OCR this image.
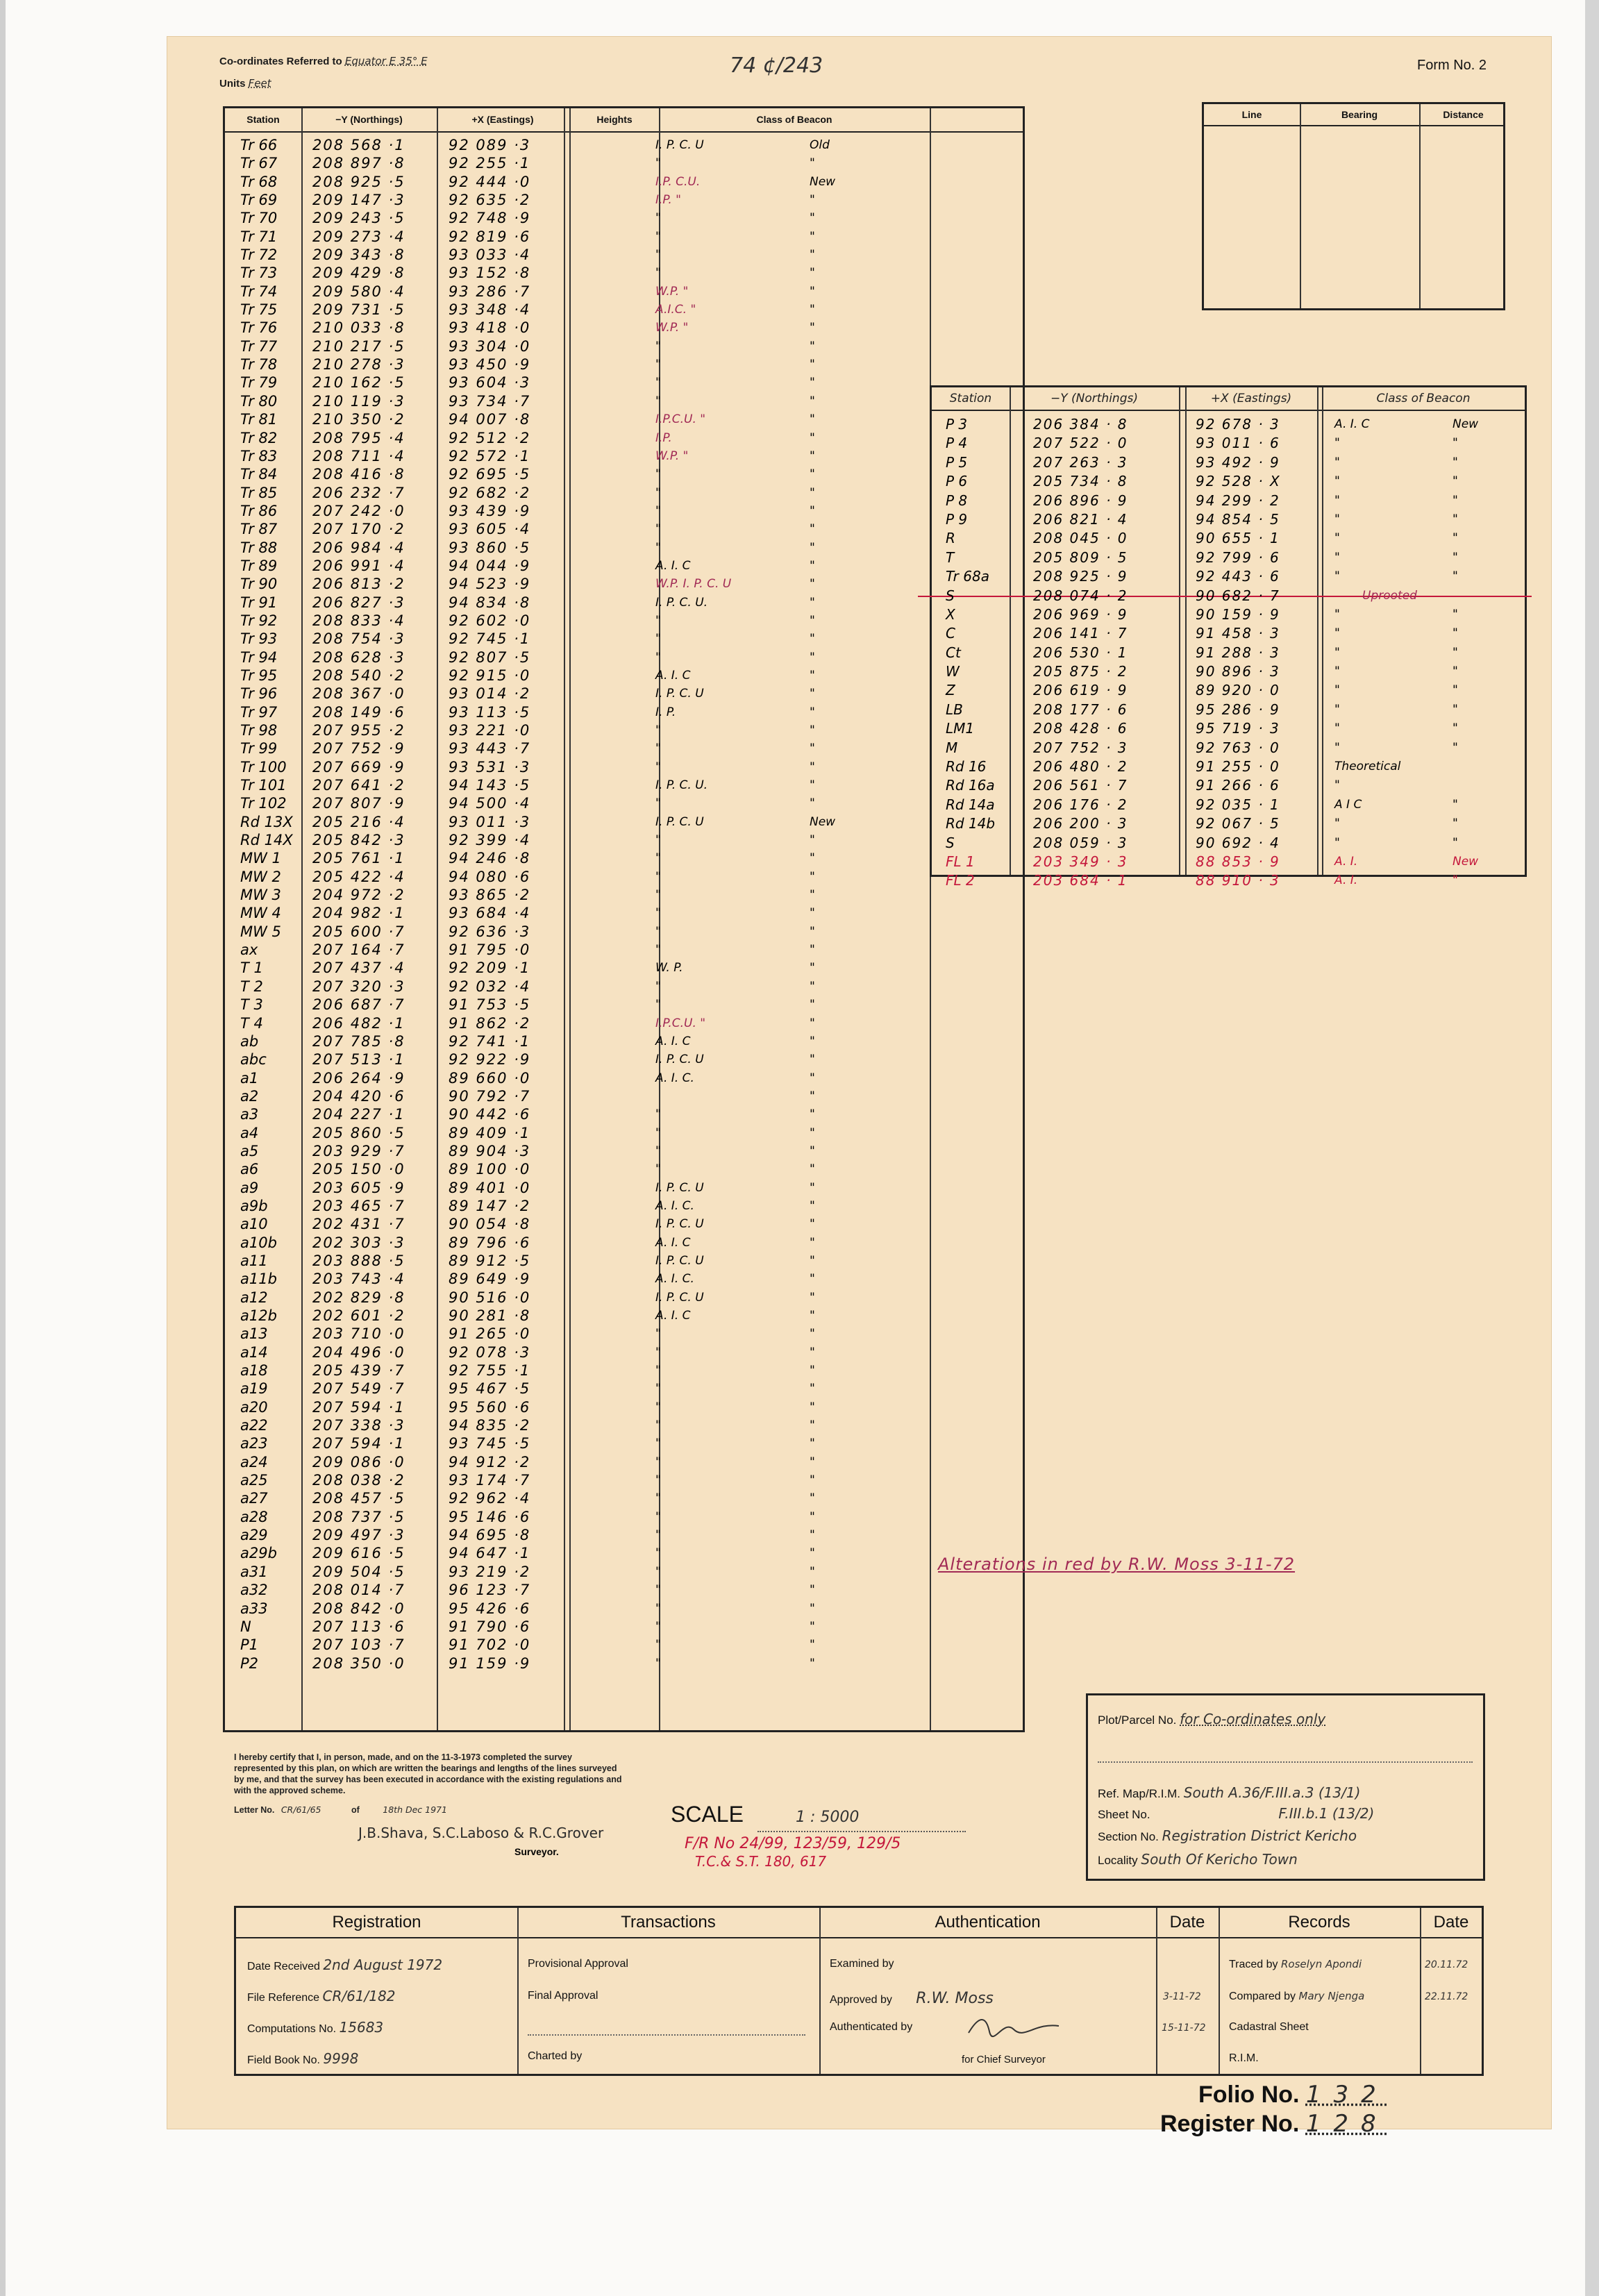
Co-ordinates Referred to Equator E 35° E
Units Feet
74 ¢/243	Form No. 2
Station	−Y (Northings)	+X (Eastings)	Heights	Class of Beacon
Tr 66	208 568 ·1	92 089 ·3	I. P. C. U	Old
Tr 67	208 897 ·8	92 255 ·1	"	"
Tr 68	208 925 ·5	92 444 ·0	I.P. C.U.	New
Tr 69	209 147 ·3	92 635 ·2	I.P. "	"
Tr 70	209 243 ·5	92 748 ·9	"	"
Tr 71	209 273 ·4	92 819 ·6	"	"
Tr 72	209 343 ·8	93 033 ·4	"	"
Tr 73	209 429 ·8	93 152 ·8	"	"
Tr 74	209 580 ·4	93 286 ·7	W.P. "	"
Tr 75	209 731 ·5	93 348 ·4	A.I.C. "	"
Tr 76	210 033 ·8	93 418 ·0	W.P. "	"
Tr 77	210 217 ·5	93 304 ·0	"	"
Tr 78	210 278 ·3	93 450 ·9	"	"
Tr 79	210 162 ·5	93 604 ·3	"	"
Tr 80	210 119 ·3	93 734 ·7	"	"
Tr 81	210 350 ·2	94 007 ·8	I.P.C.U. "	"
Tr 82	208 795 ·4	92 512 ·2	I.P.	"
Tr 83	208 711 ·4	92 572 ·1	W.P. "	"
Tr 84	208 416 ·8	92 695 ·5	"	"
Tr 85	206 232 ·7	92 682 ·2	"	"
Tr 86	207 242 ·0	93 439 ·9	"	"
Tr 87	207 170 ·2	93 605 ·4	"	"
Tr 88	206 984 ·4	93 860 ·5	"	"
Tr 89	206 991 ·4	94 044 ·9	A. I. C	"
Tr 90	206 813 ·2	94 523 ·9	W.P. I. P. C. U	"
Tr 91	206 827 ·3	94 834 ·8	I. P. C. U.	"
Tr 92	208 833 ·4	92 602 ·0	"	"
Tr 93	208 754 ·3	92 745 ·1	"	"
Tr 94	208 628 ·3	92 807 ·5	"	"
Tr 95	208 540 ·2	92 915 ·0	A. I. C	"
Tr 96	208 367 ·0	93 014 ·2	I. P. C. U	"
Tr 97	208 149 ·6	93 113 ·5	I. P.	"
Tr 98	207 955 ·2	93 221 ·0	"	"
Tr 99	207 752 ·9	93 443 ·7	"	"
Tr 100	207 669 ·9	93 531 ·3	"	"
Tr 101	207 641 ·2	94 143 ·5	I. P. C. U.	"
Tr 102	207 807 ·9	94 500 ·4	"	"
Rd 13X	205 216 ·4	93 011 ·3	I. P. C. U	New
Rd 14X	205 842 ·3	92 399 ·4	"	"
MW 1	205 761 ·1	94 246 ·8	"	"
MW 2	205 422 ·4	94 080 ·6	"	"
MW 3	204 972 ·2	93 865 ·2	"	"
MW 4	204 982 ·1	93 684 ·4	"	"
MW 5	205 600 ·7	92 636 ·3	"	"
ax	207 164 ·7	91 795 ·0	"	"
T 1	207 437 ·4	92 209 ·1	W. P.	"
T 2	207 320 ·3	92 032 ·4	"	"
T 3	206 687 ·7	91 753 ·5	"	"
T 4	206 482 ·1	91 862 ·2	I.P.C.U. "	"
ab	207 785 ·8	92 741 ·1	A. I. C	"
abc	207 513 ·1	92 922 ·9	I. P. C. U	"
a1	206 264 ·9	89 660 ·0	A. I. C.	"
a2	204 420 ·6	90 792 ·7	"
a3	204 227 ·1	90 442 ·6	"	"
a4	205 860 ·5	89 409 ·1	"	"
a5	203 929 ·7	89 904 ·3	"	"
a6	205 150 ·0	89 100 ·0	"	"
a9	203 605 ·9	89 401 ·0	I. P. C. U	"
a9b	203 465 ·7	89 147 ·2	A. I. C.	"
a10	202 431 ·7	90 054 ·8	I. P. C. U	"
a10b	202 303 ·3	89 796 ·6	A. I. C	"
a11	203 888 ·5	89 912 ·5	I. P. C. U	"
a11b	203 743 ·4	89 649 ·9	A. I. C.	"
a12	202 829 ·8	90 516 ·0	I. P. C. U	"
a12b	202 601 ·2	90 281 ·8	A. I. C	"
a13	203 710 ·0	91 265 ·0	"	"
a14	204 496 ·0	92 078 ·3	"	"
a18	205 439 ·7	92 755 ·1	"	"
a19	207 549 ·7	95 467 ·5	"	"
a20	207 594 ·1	95 560 ·6	"	"
a22	207 338 ·3	94 835 ·2	"	"
a23	207 594 ·1	93 745 ·5	"	"
a24	209 086 ·0	94 912 ·2	"	"
a25	208 038 ·2	93 174 ·7	"	"
a27	208 457 ·5	92 962 ·4	"	"
a28	208 737 ·5	95 146 ·6	"	"
a29	209 497 ·3	94 695 ·8	"	"
a29b	209 616 ·5	94 647 ·1	"	"
a31	209 504 ·5	93 219 ·2	"	"
a32	208 014 ·7	96 123 ·7	"	"
a33	208 842 ·0	95 426 ·6	"	"
N	207 113 ·6	91 790 ·6	"	"
P1	207 103 ·7	91 702 ·0	"	"
P2	208 350 ·0	91 159 ·9	"	"
Line	Bearing	Distance
Station	−Y (Northings)	+X (Eastings)	Class of Beacon
P 3	206 384 · 8	92 678 · 3	A. I. C	New
P 4	207 522 · 0	93 011 · 6	"	"
P 5	207 263 · 3	93 492 · 9	"	"
P 6	205 734 · 8	92 528 · X	"	"
P 8	206 896 · 9	94 299 · 2	"	"
P 9	206 821 · 4	94 854 · 5	"	"
R	208 045 · 0	90 655 · 1	"	"
T	205 809 · 5	92 799 · 6	"	"
Tr 68a	208 925 · 9	92 443 · 6	"	"
S	208 074 · 2	90 682 · 7	Uprooted
X	206 969 · 9	90 159 · 9	"	"
C	206 141 · 7	91 458 · 3	"	"
Ct	206 530 · 1	91 288 · 3	"	"
W	205 875 · 2	90 896 · 3	"	"
Z	206 619 · 9	89 920 · 0	"	"
LB	208 177 · 6	95 286 · 9	"	"
LM1	208 428 · 6	95 719 · 3	"	"
M	207 752 · 3	92 763 · 0	"	"
Rd 16	206 480 · 2	91 255 · 0	Theoretical
Rd 16a	206 561 · 7	91 266 · 6	"
Rd 14a	206 176 · 2	92 035 · 1	A I C	"
Rd 14b	206 200 · 3	92 067 · 5	"	"
S	208 059 · 3	90 692 · 4	"	"
FL 1	203 349 · 3	88 853 · 9	A. I.	New
FL 2	203 684 · 1	88 910 · 3	A. I.	"
Alterations in red by R.W. Moss 3-11-72
I hereby certify that I, in person, made, and on the 11-3-1973 completed the survey represented by this plan, on which are written the bearings and lengths of the lines surveyed by me, and that the survey has been executed in accordance with the existing regulations and with the approved scheme.
Letter No. CR/61/65	of	18th Dec 1971
J.B.Shava, S.C.Laboso & R.C.Grover
Surveyor.
SCALE	1 : 5000
F/R No 24/99, 123/59, 129/5
T.C.& S.T. 180, 617
Plot/Parcel No. for Co-ordinates only
Ref. Map/R.I.M. South A.36/F.III.a.3 (13/1)
Sheet No.	F.III.b.1 (13/2)
Section No. Registration District Kericho
Locality South Of Kericho Town
Registration	Transactions	Authentication	Date	Records	Date
Date Received 2nd August 1972
File Reference CR/61/182
Computations No. 15683
Field Book No. 9998
Provisional Approval
Final Approval
Charted by
Examined by
Approved by R.W. Moss
Authenticated by
for Chief Surveyor
3-11-72
15-11-72
Traced by Roselyn Apondi
Compared by Mary Njenga
Cadastral Sheet
R.I.M.
20.11.72
22.11.72
Folio No. 132
Register No. 128
